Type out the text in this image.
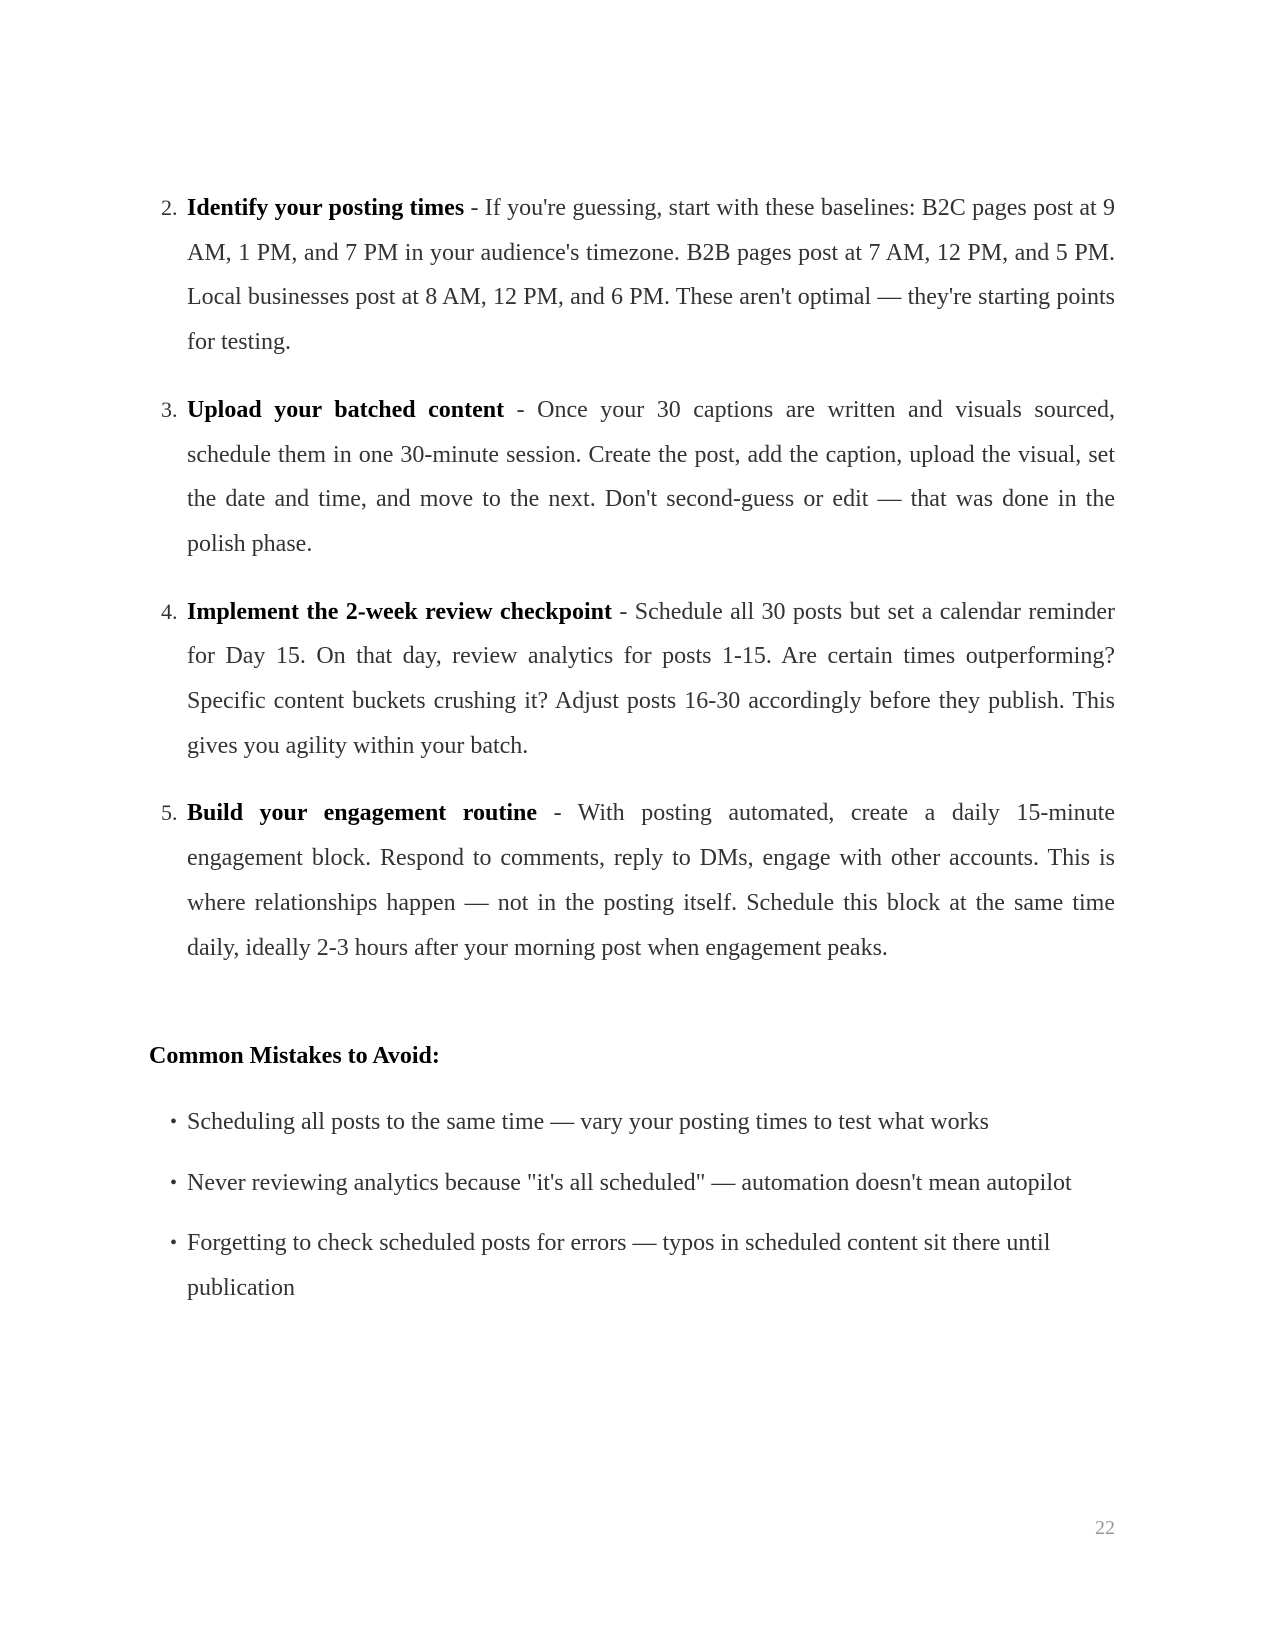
2. Identify your posting times - If you're guessing, start with these baselines: B2C pages post at 9 AM, 1 PM, and 7 PM in your audience's timezone. B2B pages post at 7 AM, 12 PM, and 5 PM. Local businesses post at 8 AM, 12 PM, and 6 PM. These aren't optimal — they're starting points for testing.
3. Upload your batched content - Once your 30 captions are written and visuals sourced, schedule them in one 30-minute session. Create the post, add the caption, upload the visual, set the date and time, and move to the next. Don't second-guess or edit — that was done in the polish phase.
4. Implement the 2-week review checkpoint - Schedule all 30 posts but set a calendar reminder for Day 15. On that day, review analytics for posts 1-15. Are certain times outperforming? Specific content buckets crushing it? Adjust posts 16-30 accordingly before they publish. This gives you agility within your batch.
5. Build your engagement routine - With posting automated, create a daily 15-minute engagement block. Respond to comments, reply to DMs, engage with other accounts. This is where relationships happen — not in the posting itself. Schedule this block at the same time daily, ideally 2-3 hours after your morning post when engagement peaks.
Common Mistakes to Avoid:
• Scheduling all posts to the same time — vary your posting times to test what works
• Never reviewing analytics because "it's all scheduled" — automation doesn't mean autopilot
• Forgetting to check scheduled posts for errors — typos in scheduled content sit there until publication
22
